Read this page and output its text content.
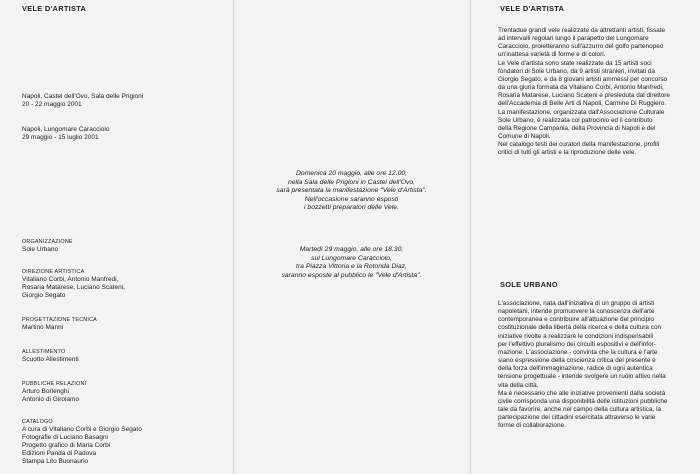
VELE D'ARTISTA
Napoli, Castel dell'Ovo, Sala delle Prigioni
20 - 22 maggio 2001
Napoli, Lungomare Caracciolo
29 maggio - 15 luglio 2001
ORGANIZZAZIONE
Sole Urbano
DIREZIONE ARTISTICA
Vitaliano Corbi, Antonio Manfredi,
Rosaria Matarese, Luciano Scateni,
Giorgio Segato
PROGETTAZIONE TECNICA
Martino Manni
ALLESTIMENTO
Scuotto Allestimenti
PUBBLICHE RELAZIONI
Arturo Borlenghi
Antonio di Girolamo
CATALOGO
A cura di Vitaliano Corbi e Giorgio Segato
Fotografie di Luciano Basagni
Progetto grafico di Maria Corbi
Edizioni Panda di Padova
Stampa Lito Buonaurio
Domenica 20 maggio, alle ore 12.00,
nella Sala delle Prigioni in Castel dell'Ovo,
sarà presentata la manifestazione "Vele d'Artista".
Nell'occasione saranno esposti
i bozzetti preparatori delle Vele.
Martedì 29 maggio, alle ore 18.30,
sul Lungomare Caracciolo,
tra Piazza Vittoria e la Rotonda Diaz,
saranno esposte al pubblico le "Vele d'Artista".
VELE D'ARTISTA
Trentadue grandi vele realizzate da altrettanti artisti, fissate
ad intervalli regolari lungo il parapetto del Lungomare
Caracciolo, proietteranno sull'azzurro del golfo partenopeo
un'inattesa varietà di forme e di colori.
Le Vele d'artista sono state realizzate da 15 artisti soci
fondatori di Sole Urbano, da 9 artisti stranieri, invitati da
Giorgio Segato, e da 8 giovani artisti ammessi per concorso
da una giuria formata da Vitaliano Corbi, Antonio Manfredi,
Rosaria Matarese, Luciano Scateni e presieduta dal direttore
dell'Accademia di Belle Arti di Napoli, Carmine Di Ruggiero.
La manifestazione, organizzata dall'Associazione Culturale
Sole Urbano, è realizzata col patrocinio ed il contributo
della Regione Campania, della Provincia di Napoli e del
Comune di Napoli.
Nel catalogo testi dei curatori della manifestazione, profili
critici di tutti gli artisti e la riproduzione delle vele.
SOLE URBANO
L'associazione, nata dall'iniziativa di un gruppo di artisti
napoletani, intende promuovere la conoscenza dell'arte
contemporanea e contribuire all'attuazione del principio
costituzionale della libertà della ricerca e della cultura con
iniziative rivolte a realizzare le condizioni indispensabili
per l'effettivo pluralismo dei circuiti espositivi e dell'infor-
mazione. L'associazione - convinta che la cultura e l'arte
siano espressione della coscienza critica del presente e
della forza dell'immaginazione, radice di ogni autentica
tensione progettuale - intende svolgere un ruolo attivo nella
vita della città.
Ma è necessario che alle iniziative provenienti dalla società
civile corrisponda una disponibilità delle istituzioni pubbliche
tale da favorire, anche nel campo della cultura artistica, la
partecipazione dei cittadini esercitata attraverso le varie
forme di collaborazione.
